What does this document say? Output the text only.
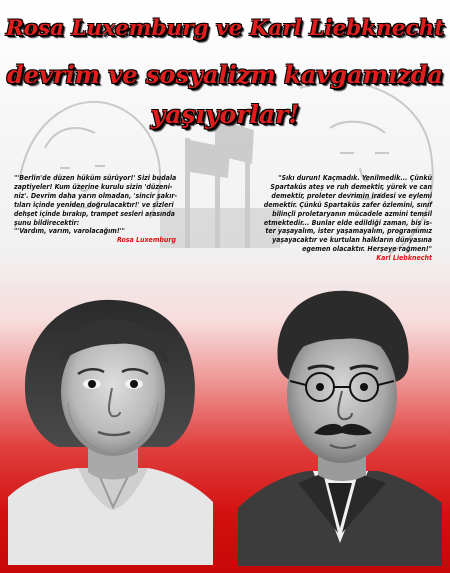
Rosa Luxemburg ve Karl Liebknecht
devrim ve sosyalizm kavgamızda
yaşıyorlar!
"'Berlin'de düzen hüküm sürüyor!' Sizi budala
zaptiyeler! Kum üzerine kurulu sizin 'düzeni-
niz'. Devrim daha yarın olmadan, 'sincir şakır-
tıları içinde yeniden doğrulacaktır!' ve sizleri
dehşet içinde bırakıp, trampet sesleri arasında
şunu bildirecektir:
"'Vardım, varım, varolacağım!'"
Rosa Luxemburg
"Sıkı durun! Kaçmadık. Yenilmedik... Çünkü
Spartaküs ateş ve ruh demektir, yürek ve can
demektir, proleter devrimin iradesi ve eylemi
demektir. Çünkü Spartaküs zafer özlemini, sınıf
bilinçli proletaryanın mücadele azmini temsil
etmektedir... Bunlar elde edildiği zaman, bis is-
ter yaşayalım, ister yaşamayalım, programımız
yaşayacaktır ve kurtulan halkların dünyasına
egemen olacaktır. Herşeye rağmen!"
Karl Liebknecht
